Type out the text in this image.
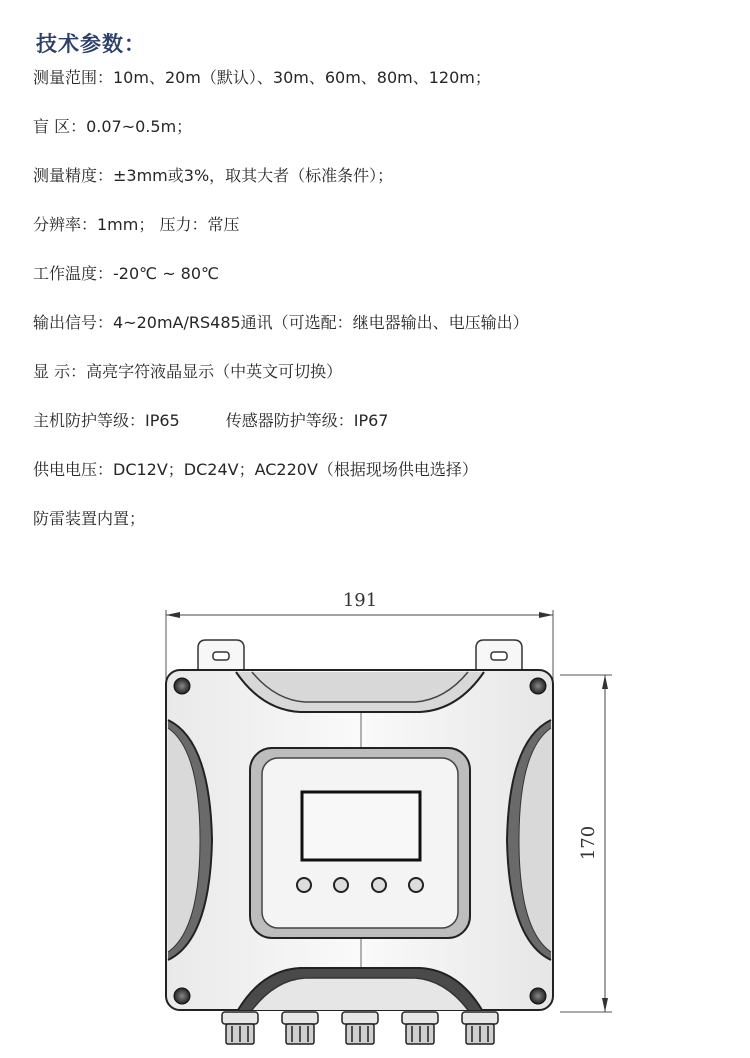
技术参数：
测量范围：10m、20m（默认）、30m、60m、80m、120m；
盲 区：0.07~0.5m；
测量精度：±3mm或3%，取其大者（标准条件）；
分辨率：1mm； 压力：常压
工作温度：-20℃ ~ 80℃
输出信号：4~20mA/RS485通讯（可选配：继电器输出、电压输出）
显 示：高亮字符液晶显示（中英文可切换）
主机防护等级：IP65	传感器防护等级：IP67
供电电压：DC12V；DC24V；AC220V（根据现场供电选择）
防雷装置内置；
191
170
